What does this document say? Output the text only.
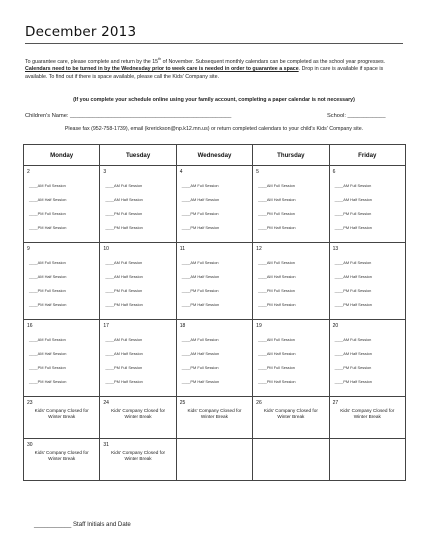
December 2013
To guarantee care, please complete and return by the 15th of November. Subsequent monthly calendars can be completed as the school year progresses. Calendars need to be turned in by the Wednesday prior to week care is needed in order to guarantee a space. Drop in care is available if space is available. To find out if there is space available, please call the Kids' Company site.
(If you complete your schedule online using your family account, completing a paper calendar is not necessary)
Children's Name: ___________________________________________________	School: ____________
Please fax (952-758-1739), email (krerickson@np.k12.mn.us) or return completed calendars to your child's Kids' Company site.
Monday	Tuesday	Wednesday	Thursday	Friday

2
____AM Full Session
____AM Half Session
____PM Full Session
____PM Half Session	3
____AM Full Session
____AM Half Session
____PM Full Session
____PM Half Session	4
____AM Full Session
____AM Half Session
____PM Full Session
____PM Half Session	5
____AM Full Session
____AM Half Session
____PM Full Session
____PM Half Session	6
____AM Full Session
____AM Half Session
____PM Full Session
____PM Half Session

9
____AM Full Session
____AM Half Session
____PM Full Session
____PM Half Session	10
____AM Full Session
____AM Half Session
____PM Full Session
____PM Half Session	11
____AM Full Session
____AM Half Session
____PM Full Session
____PM Half Session	12
____AM Full Session
____AM Half Session
____PM Full Session
____PM Half Session	13
____AM Full Session
____AM Half Session
____PM Full Session
____PM Half Session

16
____AM Full Session
____AM Half Session
____PM Full Session
____PM Half Session	17
____AM Full Session
____AM Half Session
____PM Full Session
____PM Half Session	18
____AM Full Session
____AM Half Session
____PM Full Session
____PM Half Session	19
____AM Full Session
____AM Half Session
____PM Full Session
____PM Half Session	20
____AM Full Session
____AM Half Session
____PM Full Session
____PM Half Session

23
Kids' Company Closed for
Winter Break	24
Kids' Company Closed for
Winter Break	25
Kids' Company Closed for
Winter Break	26
Kids' Company Closed for
Winter Break	27
Kids' Company Closed for
Winter Break

30
Kids' Company Closed for
Winter Break	31
Kids' Company Closed for
Winter Break			

___________ Staff Initials and Date
